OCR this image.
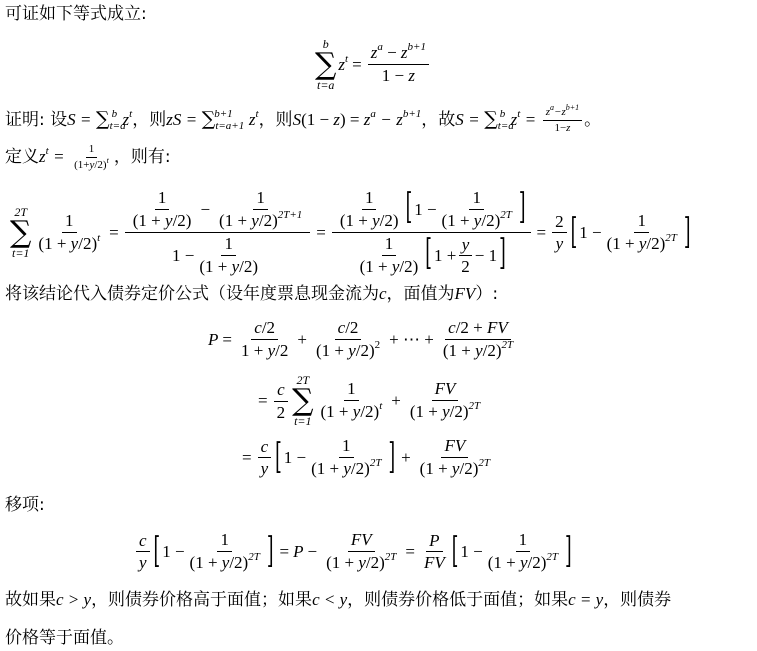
可证如下等式成立:
b
∑
t=a
$z^t = \frac{z^a - z^{b+1}}{1 - z}$
证明: 设$S = \sum_{t=a}^b$ $z^t$，则zS = $\sum_{t=a+1}^{b+1}$ $z^t$，则$S(1 - z) = z^a - z^{b+1}$，故$S = \sum_{t=a}^b$ $z^t = \frac{z^a-z^{b+1}}{1-z}$ 。
定义$z^t = \frac{1}{(1+y/2)^t}$ ，则有:
2T
∑
$t=1 \frac{1}{(1 + y/2)^t} = \frac{\frac{1}{(1 + y/2)} - \frac{1}{(1 + y/2)^{2T+1}}}{1 - \frac{1}{(1 + y/2)}} = \frac{\frac{1}{(1 + y/2)} [ 1 - \frac{1}{(1 + y/2)^{2T}} ]}{\frac{1}{(1 + y/2)} [ 1 + \frac{y}{2} - 1 ]} = \frac{2}{y}$ [ $1 - \frac{1}{(1 + y/2)^{2T}}$ ]
将该结论代入债券定价公式（设年度票息现金流为c，面值为FV）:
$P = \frac{c/2}{1 + y/2} + \frac{c/2}{(1 + y/2)^2}$ + ⋯ + $\frac{c/2 + FV}{(1 + y/2)^{2T}}$
= $\frac{c}{2} 2T$
∑
$t=1 \frac{1}{(1 + y/2)^t} + \frac{FV}{(1 + y/2)^{2T}}$
= $\frac{c}{y}$ [ $1 - \frac{1}{(1 + y/2)^{2T}}$ ] + $\frac{FV}{(1 + y/2)^{2T}}$
移项:
$\frac{c}{y}$ [ $1 - \frac{1}{(1 + y/2)^{2T}}$ ] = $P - \frac{FV}{(1 + y/2)^{2T}} = \frac{P}{FV}$ [ $1 - \frac{1}{(1 + y/2)^{2T}}$ ]
故如果c > y，则债券价格高于面值；如果c < y，则债券价格低于面值；如果c = y，则债券
价格等于面值。
